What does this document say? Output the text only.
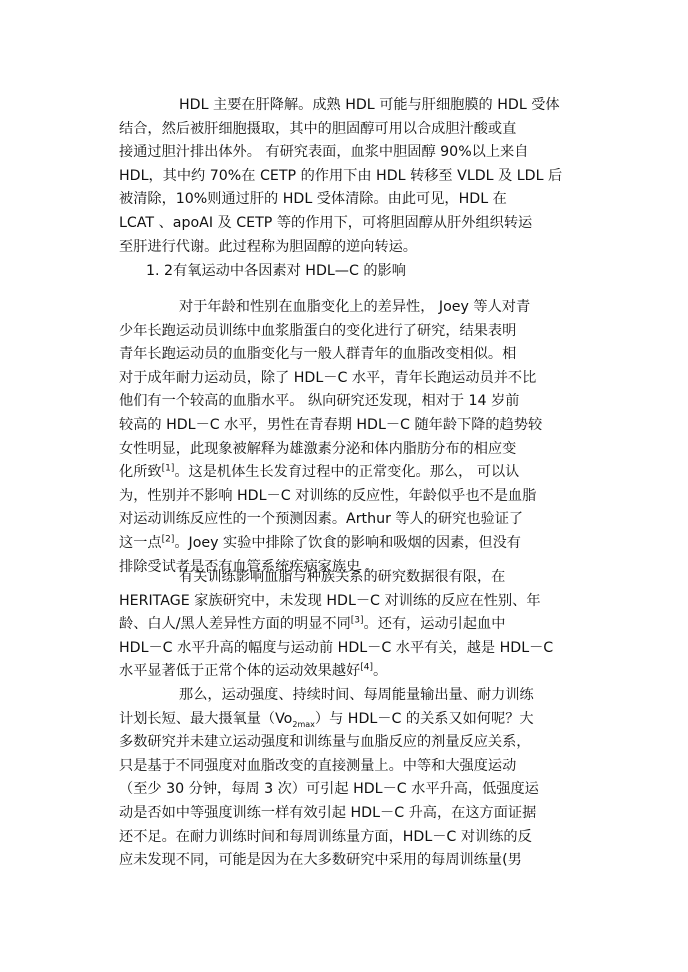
HDL 主要在肝降解。成熟 HDL 可能与肝细胞膜的 HDL 受体
结合，然后被肝细胞摄取，其中的胆固醇可用以合成胆汁酸或直
接通过胆汁排出体外。 有研究表面，血浆中胆固醇 90%以上来自
HDL，其中约 70%在 CETP 的作用下由 HDL 转移至 VLDL 及 LDL 后
被清除，10%则通过肝的 HDL 受体清除。由此可见，HDL 在
LCAT 、apoAI 及 CETP 等的作用下，可将胆固醇从肝外组织转运
至肝进行代谢。此过程称为胆固醇的逆向转运。
1. 2有氧运动中各因素对 HDL—C 的影响
对于年龄和性别在血脂变化上的差异性， Joey 等人对青
少年长跑运动员训练中血浆脂蛋白的变化进行了研究，结果表明
青年长跑运动员的血脂变化与一般人群青年的血脂改变相似。相
对于成年耐力运动员，除了 HDL－C 水平，青年长跑运动员并不比
他们有一个较高的血脂水平。 纵向研究还发现，相对于 14 岁前
较高的 HDL－C 水平，男性在青春期 HDL－C 随年龄下降的趋势较
女性明显，此现象被解释为雄激素分泌和体内脂肪分布的相应变
化所致[1]。这是机体生长发育过程中的正常变化。那么， 可以认
为，性别并不影响 HDL－C 对训练的反应性，年龄似乎也不是血脂
对运动训练反应性的一个预测因素。Arthur 等人的研究也验证了
这一点[2]。Joey 实验中排除了饮食的影响和吸烟的因素，但没有
排除受试者是否有血管系统疾病家族史 。
有关训练影响血脂与种族关系的研究数据很有限，在
HERITAGE 家族研究中，未发现 HDL－C 对训练的反应在性别、年
龄、白人/黑人差异性方面的明显不同[3]。还有，运动引起血中
HDL－C 水平升高的幅度与运动前 HDL－C 水平有关，越是 HDL－C
水平显著低于正常个体的运动效果越好[4]。
那么，运动强度、持续时间、每周能量输出量、耐力训练
计划长短、最大摄氧量$(Vo_{2max})$与 HDL－C 的关系又如何呢？大
多数研究并未建立运动强度和训练量与血脂反应的剂量反应关系，
只是基于不同强度对血脂改变的直接测量上。中等和大强度运动
（至少 30 分钟，每周 3 次）可引起 HDL－C 水平升高，低强度运
动是否如中等强度训练一样有效引起 HDL－C 升高，在这方面证据
还不足。在耐力训练时间和每周训练量方面，HDL－C 对训练的反
应未发现不同，可能是因为在大多数研究中采用的每周训练量(男
